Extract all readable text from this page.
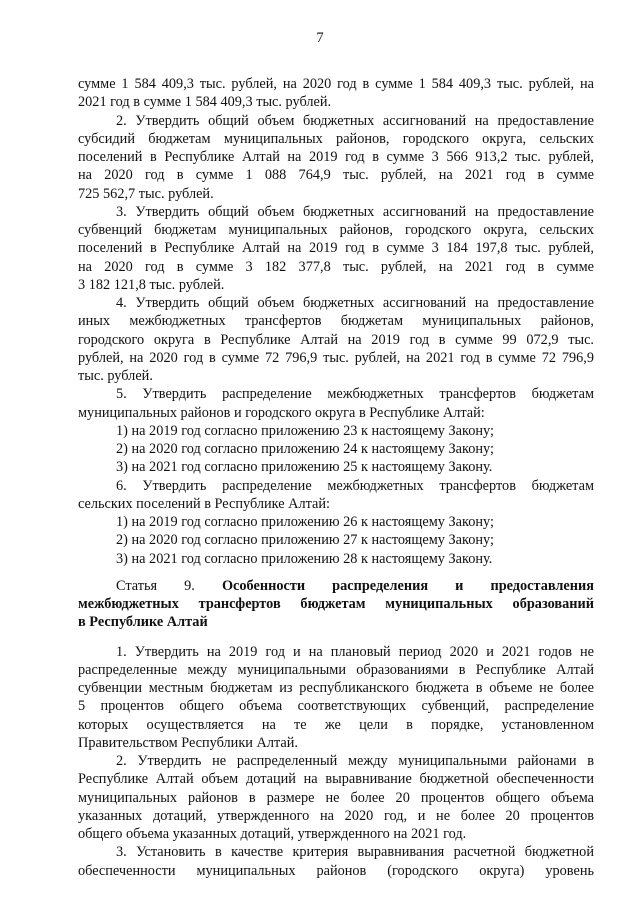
7
сумме 1 584 409,3 тыс. рублей, на 2020 год в сумме 1 584 409,3 тыс. рублей, на
2021 год в сумме 1 584 409,3 тыс. рублей.
2. Утвердить общий объем бюджетных ассигнований на предоставление
субсидий бюджетам муниципальных районов, городского округа, сельских
поселений в Республике Алтай на 2019 год в сумме 3 566 913,2 тыс. рублей,
на 2020 год в сумме 1 088 764,9 тыс. рублей, на 2021 год в сумме
725 562,7 тыс. рублей.
3. Утвердить общий объем бюджетных ассигнований на предоставление
субвенций бюджетам муниципальных районов, городского округа, сельских
поселений в Республике Алтай на 2019 год в сумме 3 184 197,8 тыс. рублей,
на 2020 год в сумме 3 182 377,8 тыс. рублей, на 2021 год в сумме
3 182 121,8 тыс. рублей.
4. Утвердить общий объем бюджетных ассигнований на предоставление
иных межбюджетных трансфертов бюджетам муниципальных районов,
городского округа в Республике Алтай на 2019 год в сумме 99 072,9 тыс.
рублей, на 2020 год в сумме 72 796,9 тыс. рублей, на 2021 год в сумме 72 796,9
тыс. рублей.
5. Утвердить распределение межбюджетных трансфертов бюджетам
муниципальных районов и городского округа в Республике Алтай:
1) на 2019 год согласно приложению 23 к настоящему Закону;
2) на 2020 год согласно приложению 24 к настоящему Закону;
3) на 2021 год согласно приложению 25 к настоящему Закону.
6. Утвердить распределение межбюджетных трансфертов бюджетам
сельских поселений в Республике Алтай:
1) на 2019 год согласно приложению 26 к настоящему Закону;
2) на 2020 год согласно приложению 27 к настоящему Закону;
3) на 2021 год согласно приложению 28 к настоящему Закону.
Статья 9. Особенности распределения и предоставления
межбюджетных трансфертов бюджетам муниципальных образований
в Республике Алтай
1. Утвердить на 2019 год и на плановый период 2020 и 2021 годов не
распределенные между муниципальными образованиями в Республике Алтай
субвенции местным бюджетам из республиканского бюджета в объеме не более
5 процентов общего объема соответствующих субвенций, распределение
которых осуществляется на те же цели в порядке, установленном
Правительством Республики Алтай.
2. Утвердить не распределенный между муниципальными районами в
Республике Алтай объем дотаций на выравнивание бюджетной обеспеченности
муниципальных районов в размере не более 20 процентов общего объема
указанных дотаций, утвержденного на 2020 год, и не более 20 процентов
общего объема указанных дотаций, утвержденного на 2021 год.
3. Установить в качестве критерия выравнивания расчетной бюджетной
обеспеченности муниципальных районов (городского округа) уровень
